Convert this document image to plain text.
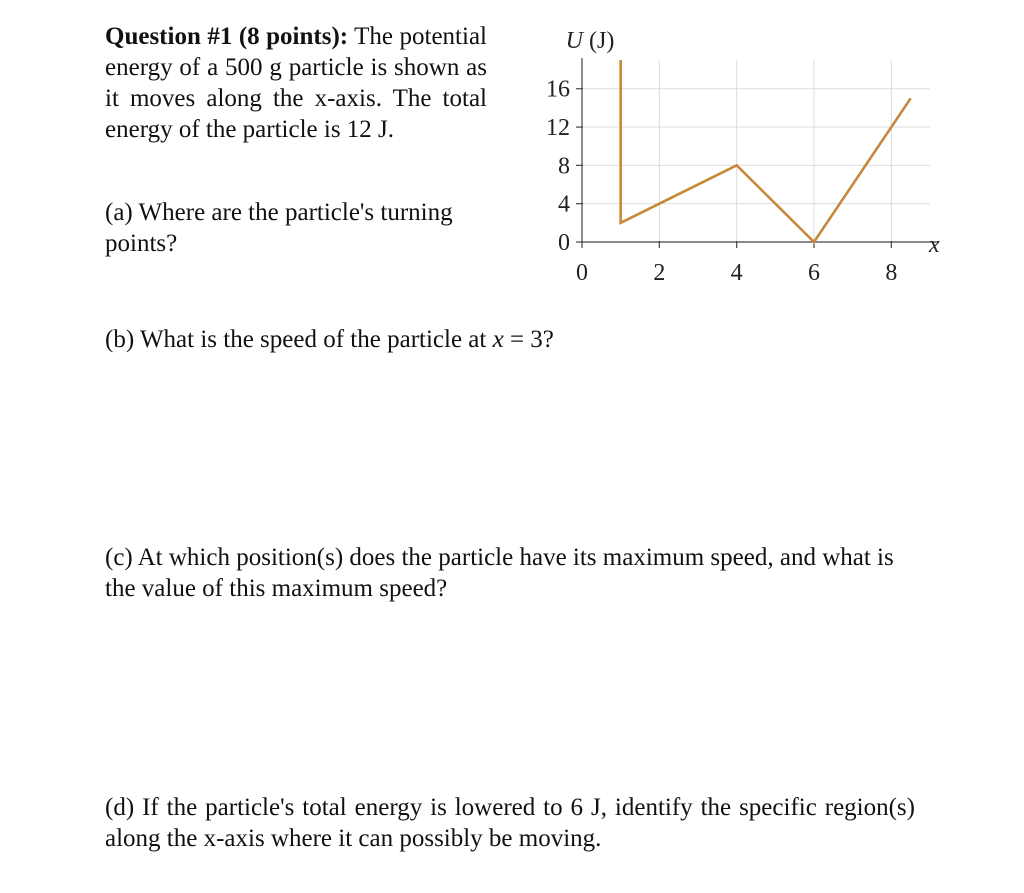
Question #1 (8 points): The potential energy of a 500 g particle is shown as it moves along the x-axis. The total energy of the particle is 12 J.
(a) Where are the particle's turning points?
(b) What is the speed of the particle at x = 3?
(c) At which position(s) does the particle have its maximum speed, and what is the value of this maximum speed?
(d) If the particle's total energy is lowered to 6 J, identify the specific region(s) along the x-axis where it can possibly be moving.
0
4
8
12
16
0	2	4	6	8
U (J)
x
